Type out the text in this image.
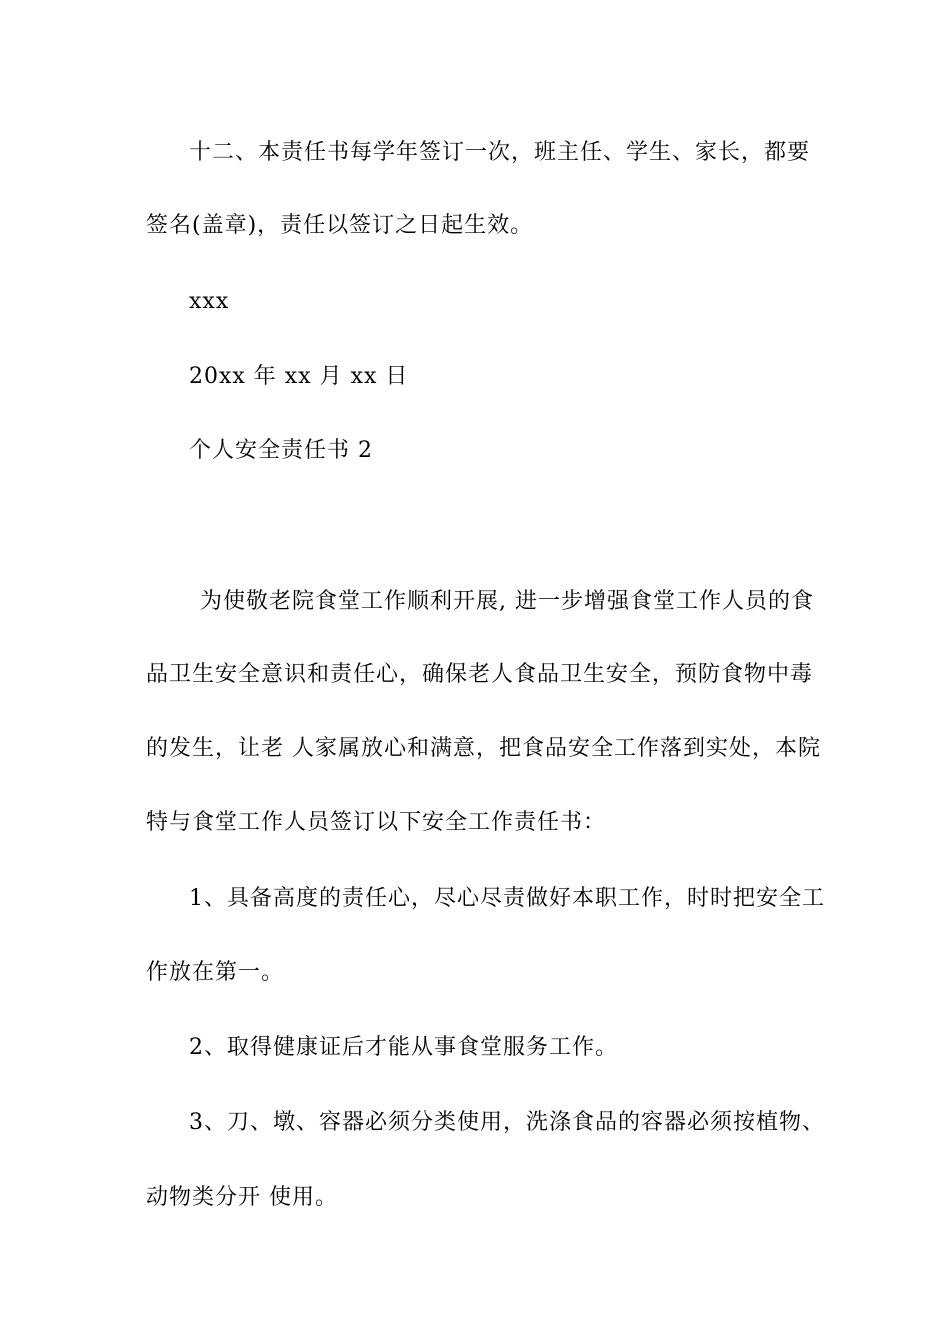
十二、本责任书每学年签订一次，班主任、学生、家长，都要
签名(盖章)，责任以签订之日起生效。
xxx
20xx 年 xx 月 xx 日
个人安全责任书 2
为使敬老院食堂工作顺利开展, 进一步增强食堂工作人员的食
品卫生安全意识和责任心，确保老人食品卫生安全，预防食物中毒
的发生，让老 人家属放心和满意，把食品安全工作落到实处，本院
特与食堂工作人员签订以下安全工作责任书：
1、具备高度的责任心，尽心尽责做好本职工作，时时把安全工
作放在第一。
2、取得健康证后才能从事食堂服务工作。
3、刀、墩、容器必须分类使用，洗涤食品的容器必须按植物、
动物类分开 使用。
